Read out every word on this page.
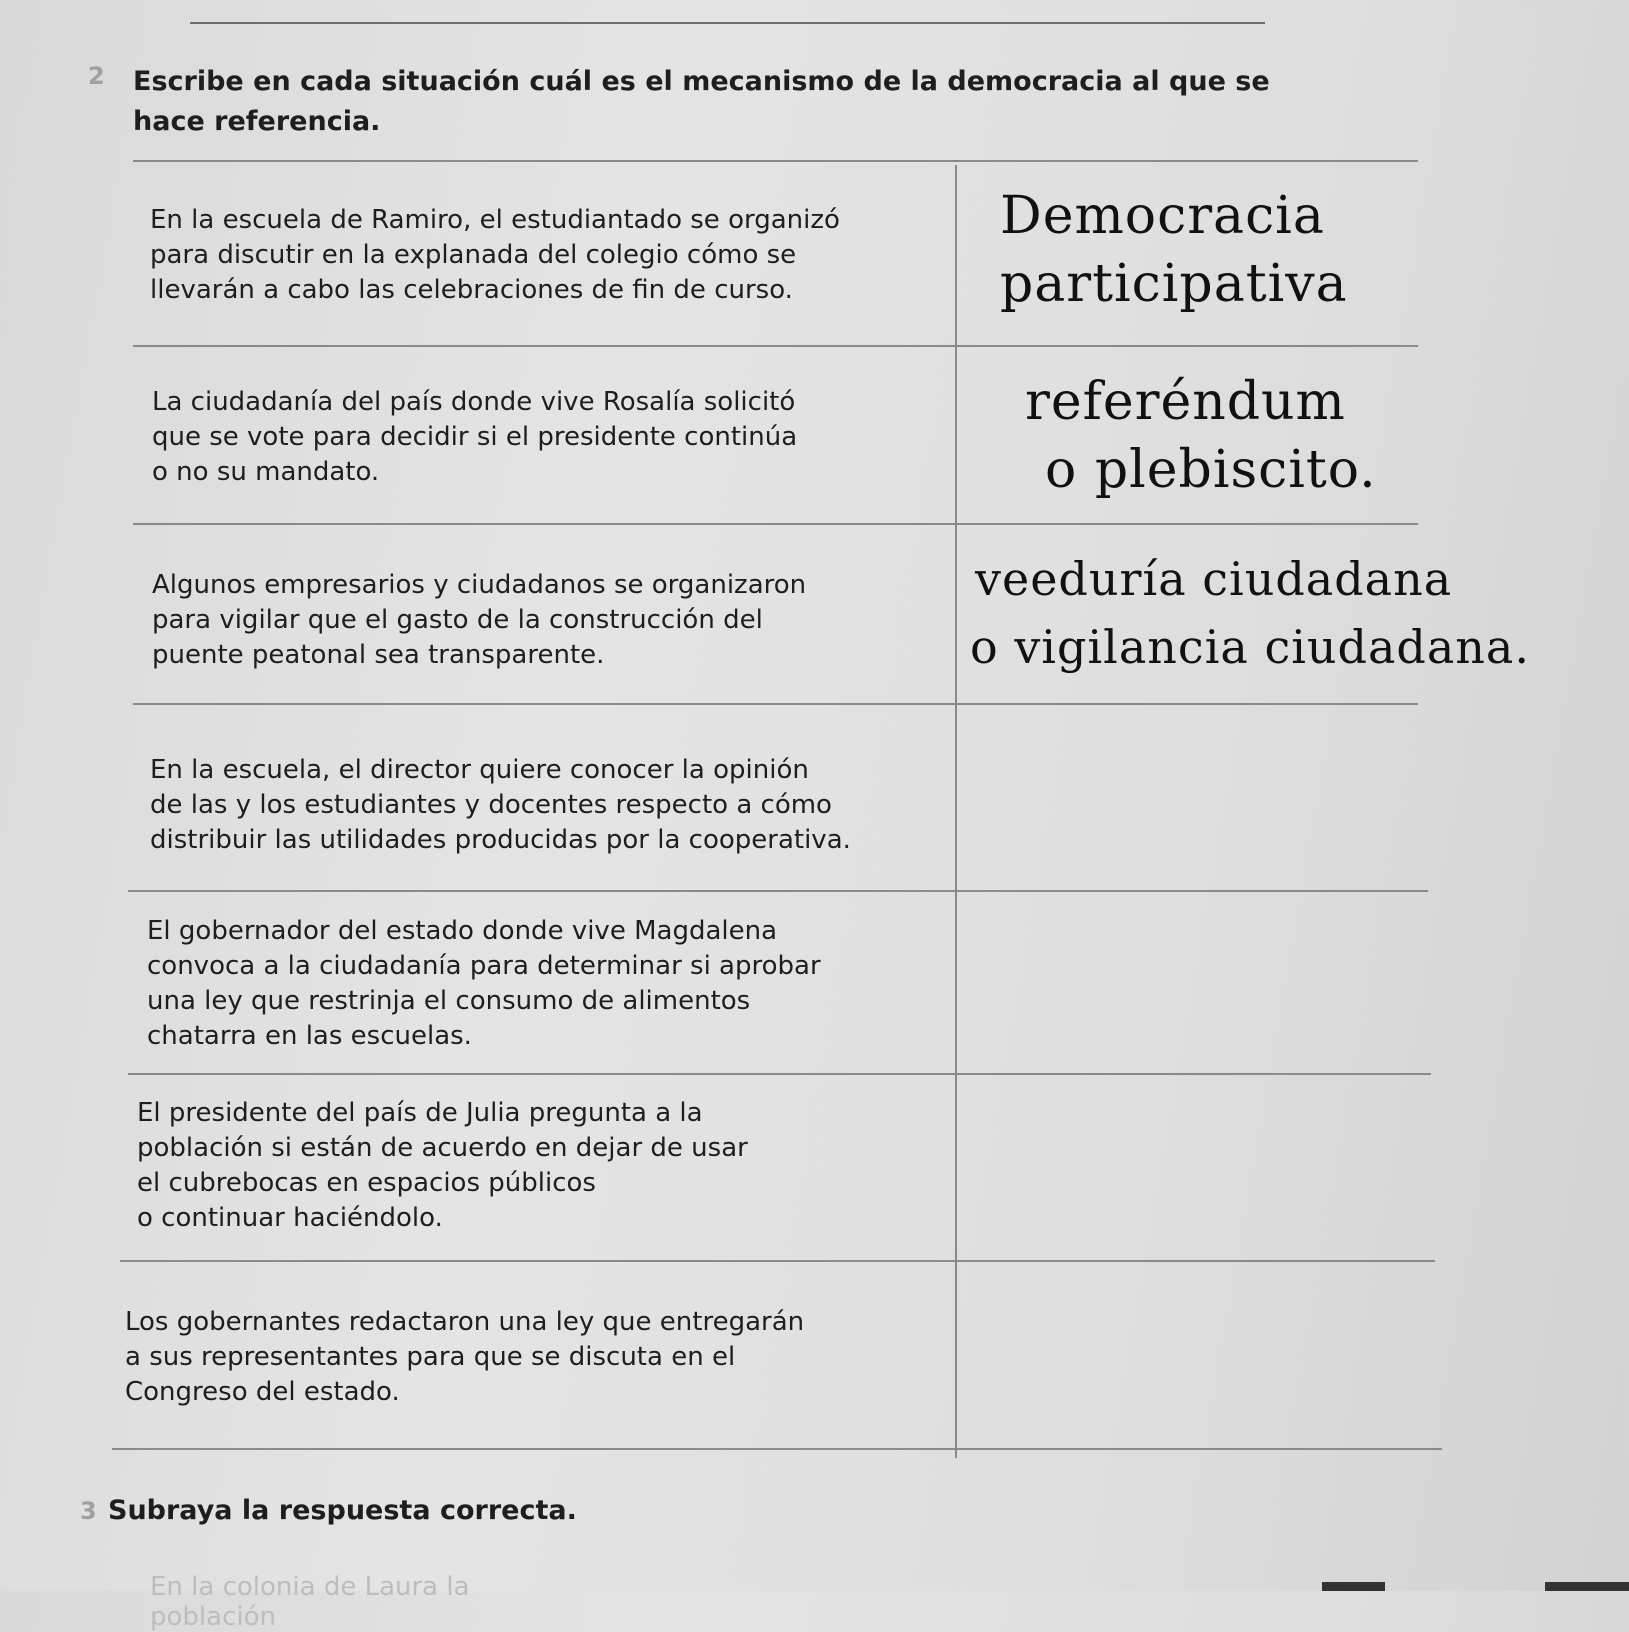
2 Escribe en cada situación cuál es el mecanismo de la democracia al que se hace referencia.

En la escuela de Ramiro, el estudiantado se organizó
para discutir en la explanada del colegio cómo se
llevarán a cabo las celebraciones de fin de curso.

Democracia
participativa

La ciudadanía del país donde vive Rosalía solicitó
que se vote para decidir si el presidente continúa
o no su mandato.

referéndum
o plebiscito.

Algunos empresarios y ciudadanos se organizaron
para vigilar que el gasto de la construcción del
puente peatonal sea transparente.

veeduría ciudadana
o vigilancia ciudadana.

En la escuela, el director quiere conocer la opinión
de las y los estudiantes y docentes respecto a cómo
distribuir las utilidades producidas por la cooperativa.

El gobernador del estado donde vive Magdalena
convoca a la ciudadanía para determinar si aprobar
una ley que restrinja el consumo de alimentos
chatarra en las escuelas.

El presidente del país de Julia pregunta a la
población si están de acuerdo en dejar de usar
el cubrebocas en espacios públicos
o continuar haciéndolo.

Los gobernantes redactaron una ley que entregarán
a sus representantes para que se discuta en el
Congreso del estado.

3 Subraya la respuesta correcta.

En la colonia de Laura la población
